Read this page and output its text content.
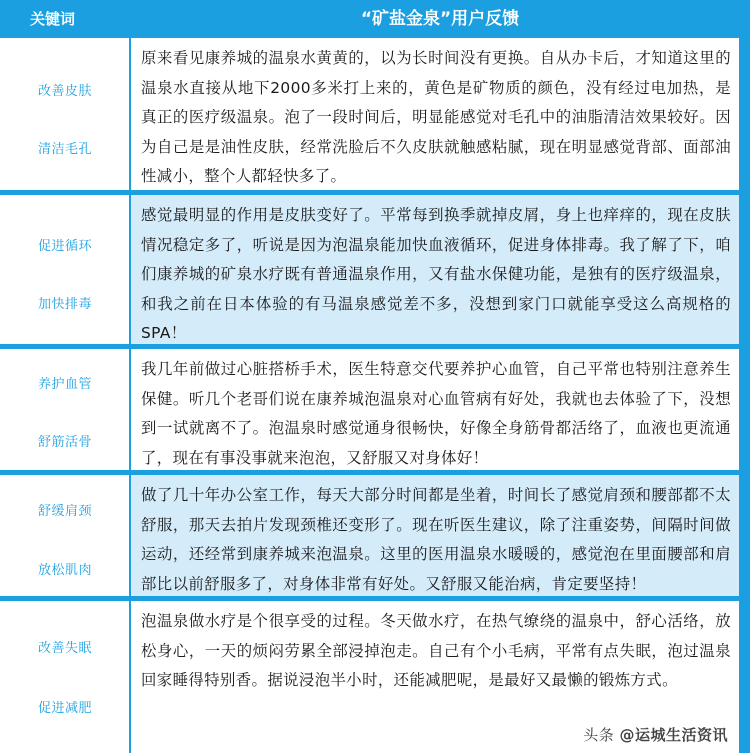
关键词	“矿盐金泉”用户反馈
改善皮肤
清洁毛孔
原来看见康养城的温泉水黄黄的，以为长时间没有更换。自从办卡后，才知道这里的温泉水直接从地下2000多米打上来的，黄色是矿物质的颜色，没有经过电加热，是真正的医疗级温泉。泡了一段时间后，明显能感觉对毛孔中的油脂清洁效果较好。因为自己是是油性皮肤，经常洗脸后不久皮肤就触感粘腻，现在明显感觉背部、面部油性减小，整个人都轻快多了。
促进循环
加快排毒
感觉最明显的作用是皮肤变好了。平常每到换季就掉皮屑，身上也痒痒的，现在皮肤情况稳定多了，听说是因为泡温泉能加快血液循环，促进身体排毒。我了解了下，咱们康养城的矿泉水疗既有普通温泉作用，又有盐水保健功能，是独有的医疗级温泉，和我之前在日本体验的有马温泉感觉差不多，没想到家门口就能享受这么高规格的SPA！
养护血管
舒筋活骨
我几年前做过心脏搭桥手术，医生特意交代要养护心血管，自己平常也特别注意养生保健。听几个老哥们说在康养城泡温泉对心血管病有好处，我就也去体验了下，没想到一试就离不了。泡温泉时感觉通身很畅快，好像全身筋骨都活络了，血液也更流通了，现在有事没事就来泡泡，又舒服又对身体好！
舒缓肩颈
放松肌肉
做了几十年办公室工作，每天大部分时间都是坐着，时间长了感觉肩颈和腰部都不太舒服，那天去拍片发现颈椎还变形了。现在听医生建议，除了注重姿势，间隔时间做运动，还经常到康养城来泡温泉。这里的医用温泉水暖暖的，感觉泡在里面腰部和肩部比以前舒服多了，对身体非常有好处。又舒服又能治病，肯定要坚持！
改善失眠
促进减肥
泡温泉做水疗是个很享受的过程。冬天做水疗，在热气缭绕的温泉中，舒心活络，放松身心，一天的烦闷劳累全部浸掉泡走。自己有个小毛病，平常有点失眠，泡过温泉回家睡得特别香。据说浸泡半小时，还能减肥呢，是最好又最懒的锻炼方式。
头条 @运城生活资讯
